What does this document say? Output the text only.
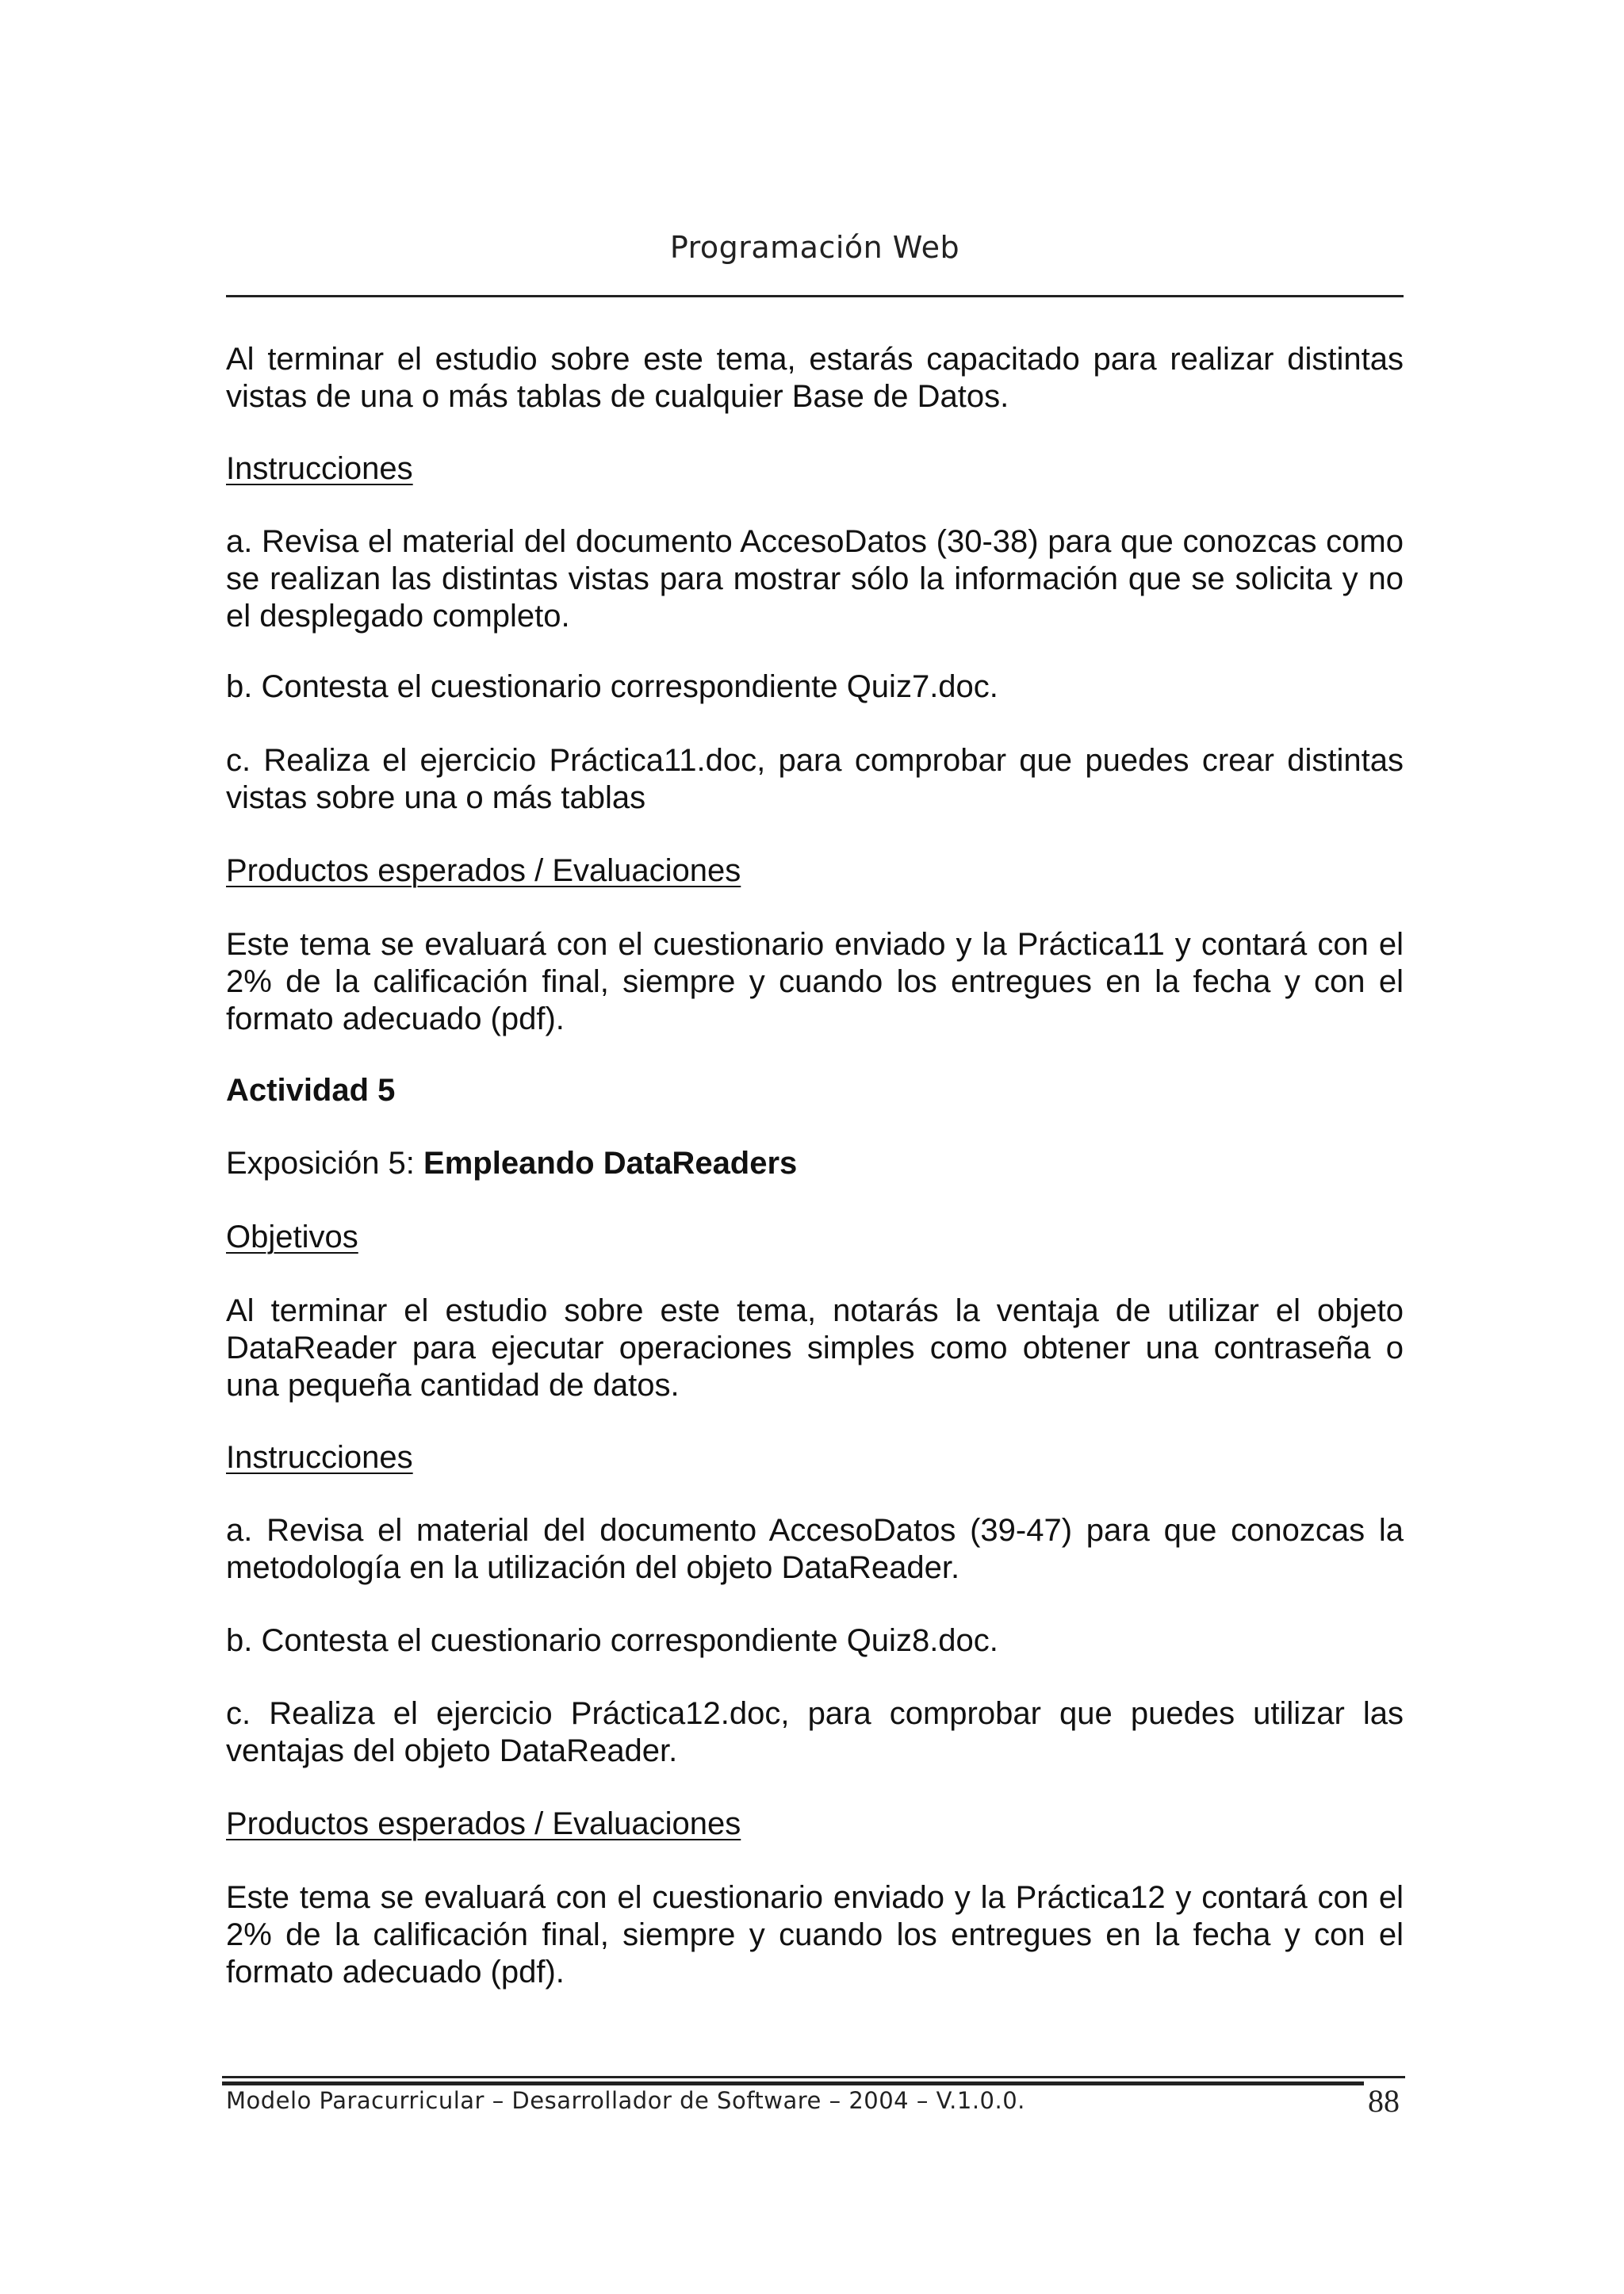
Programación Web

Al terminar el estudio sobre este tema, estarás capacitado para realizar distintas vistas de una o más tablas de cualquier Base de Datos.

Instrucciones

a. Revisa el material del documento AccesoDatos (30-38) para que conozcas como se realizan las distintas vistas para mostrar sólo la información que se solicita y no el desplegado completo.

b. Contesta el cuestionario correspondiente Quiz7.doc.

c. Realiza el ejercicio Práctica11.doc, para comprobar que puedes crear distintas vistas sobre una o más tablas

Productos esperados / Evaluaciones

Este tema se evaluará con el cuestionario enviado y la Práctica11 y contará con el 2% de la calificación final, siempre y cuando los entregues en la fecha y con el formato adecuado (pdf).

Actividad 5

Exposición 5: Empleando DataReaders

Objetivos

Al terminar el estudio sobre este tema, notarás la ventaja de utilizar el objeto DataReader para ejecutar operaciones simples como obtener una contraseña o una pequeña cantidad de datos.

Instrucciones

a. Revisa el material del documento AccesoDatos (39-47) para que conozcas la metodología en la utilización del objeto DataReader.

b. Contesta el cuestionario correspondiente Quiz8.doc.

c. Realiza el ejercicio Práctica12.doc, para comprobar que puedes utilizar las ventajas del objeto DataReader.

Productos esperados / Evaluaciones

Este tema se evaluará con el cuestionario enviado y la Práctica12 y contará con el 2% de la calificación final, siempre y cuando los entregues en la fecha y con el formato adecuado (pdf).

Modelo Paracurricular – Desarrollador de Software – 2004 – V.1.0.0.	88
